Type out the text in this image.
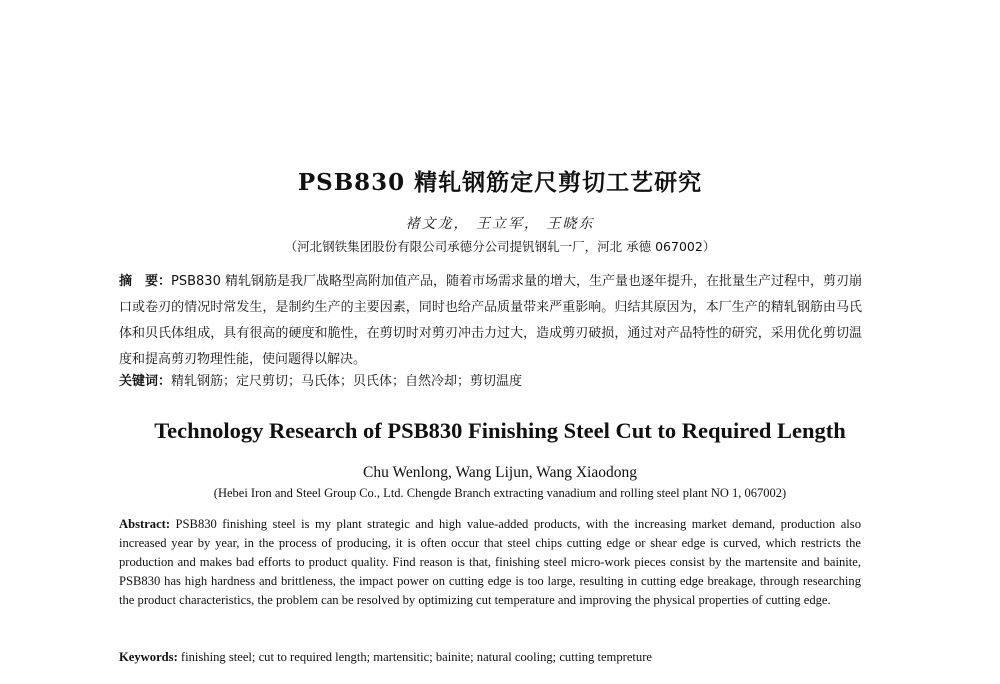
PSB830 精轧钢筋定尺剪切工艺研究
褚文龙， 王立军， 王晓东
（河北钢铁集团股份有限公司承德分公司提钒钢轧一厂，河北 承德 067002）
摘　要：PSB830 精轧钢筋是我厂战略型高附加值产品，随着市场需求量的增大，生产量也逐年提升，在批量生产过程中，剪刃崩口或卷刃的情况时常发生，是制约生产的主要因素，同时也给产品质量带来严重影响。归结其原因为，本厂生产的精轧钢筋由马氏体和贝氏体组成，具有很高的硬度和脆性，在剪切时对剪刃冲击力过大，造成剪刃破损，通过对产品特性的研究，采用优化剪切温度和提高剪刃物理性能，使问题得以解决。
关键词：精轧钢筋；定尺剪切；马氏体；贝氏体；自然冷却；剪切温度
Technology Research of PSB830 Finishing Steel Cut to Required Length
Chu Wenlong, Wang Lijun, Wang Xiaodong
(Hebei Iron and Steel Group Co., Ltd. Chengde Branch extracting vanadium and rolling steel plant NO 1, 067002)
Abstract: PSB830 finishing steel is my plant strategic and high value-added products, with the increasing market demand, production also increased year by year, in the process of producing, it is often occur that steel chips cutting edge or shear edge is curved, which restricts the production and makes bad efforts to product quality. Find reason is that, finishing steel micro-work pieces consist by the martensite and bainite, PSB830 has high hardness and brittleness, the impact power on cutting edge is too large, resulting in cutting edge breakage, through researching the product characteristics, the problem can be resolved by optimizing cut temperature and improving the physical properties of cutting edge.
Keywords: finishing steel; cut to required length; martensitic; bainite; natural cooling; cutting tempreture
